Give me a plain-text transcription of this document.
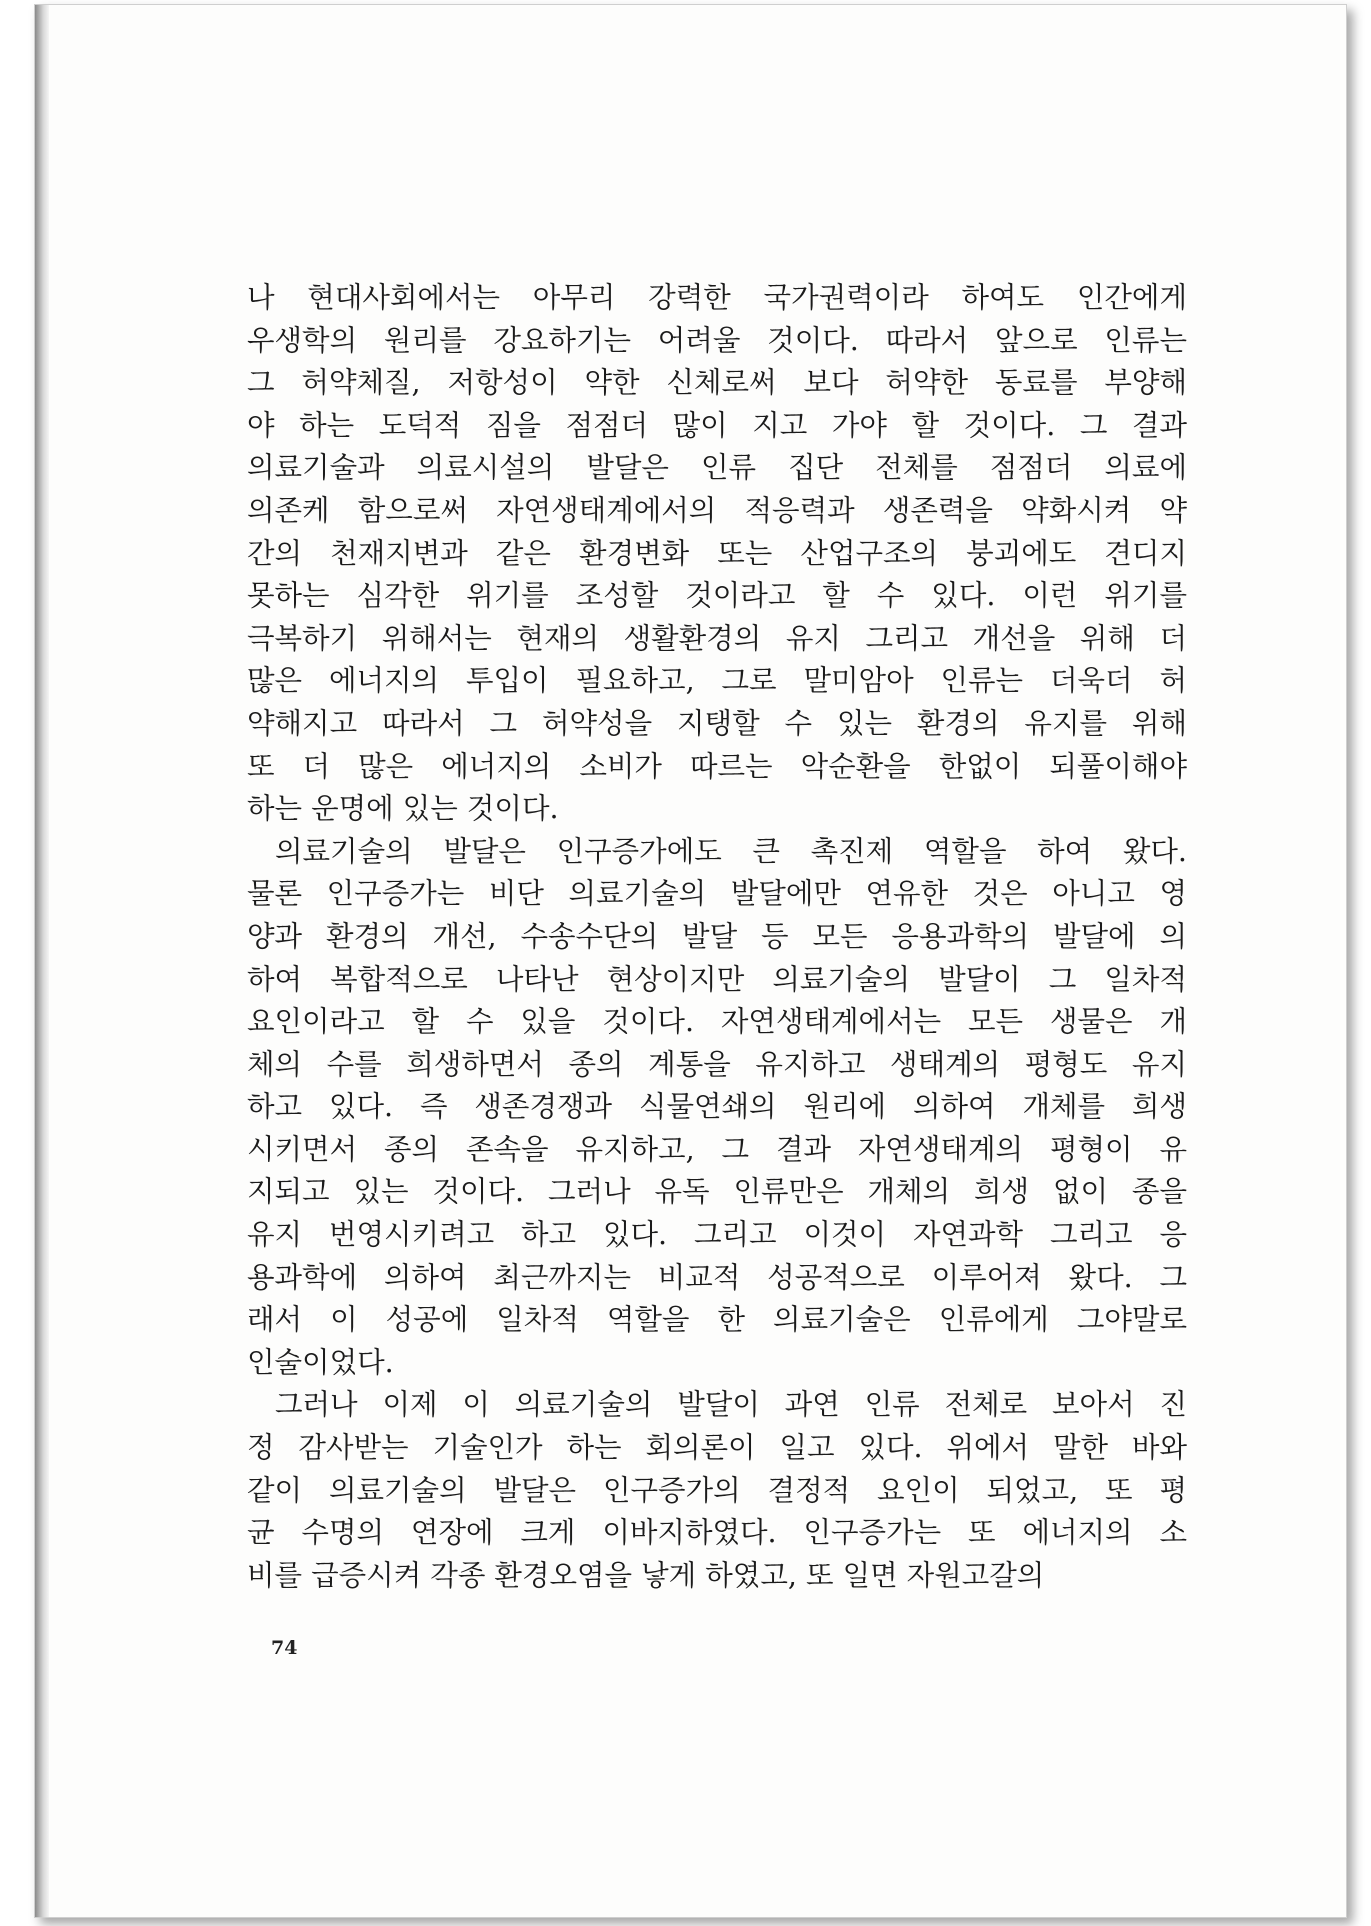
나 현대사회에서는 아무리 강력한 국가권력이라 하여도 인간에게
우생학의 원리를 강요하기는 어려울 것이다. 따라서 앞으로 인류는
그 허약체질, 저항성이 약한 신체로써 보다 허약한 동료를 부양해
야 하는 도덕적 짐을 점점더 많이 지고 가야 할 것이다. 그 결과
의료기술과 의료시설의 발달은 인류 집단 전체를 점점더 의료에
의존케 함으로써 자연생태계에서의 적응력과 생존력을 약화시켜 약
간의 천재지변과 같은 환경변화 또는 산업구조의 붕괴에도 견디지
못하는 심각한 위기를 조성할 것이라고 할 수 있다. 이런 위기를
극복하기 위해서는 현재의 생활환경의 유지 그리고 개선을 위해 더
많은 에너지의 투입이 필요하고, 그로 말미암아 인류는 더욱더 허
약해지고 따라서 그 허약성을 지탱할 수 있는 환경의 유지를 위해
또 더 많은 에너지의 소비가 따르는 악순환을 한없이 되풀이해야
하는 운명에 있는 것이다.
의료기술의 발달은 인구증가에도 큰 촉진제 역할을 하여 왔다.
물론 인구증가는 비단 의료기술의 발달에만 연유한 것은 아니고 영
양과 환경의 개선, 수송수단의 발달 등 모든 응용과학의 발달에 의
하여 복합적으로 나타난 현상이지만 의료기술의 발달이 그 일차적
요인이라고 할 수 있을 것이다. 자연생태계에서는 모든 생물은 개
체의 수를 희생하면서 종의 계통을 유지하고 생태계의 평형도 유지
하고 있다. 즉 생존경쟁과 식물연쇄의 원리에 의하여 개체를 희생
시키면서 종의 존속을 유지하고, 그 결과 자연생태계의 평형이 유
지되고 있는 것이다. 그러나 유독 인류만은 개체의 희생 없이 종을
유지 번영시키려고 하고 있다. 그리고 이것이 자연과학 그리고 응
용과학에 의하여 최근까지는 비교적 성공적으로 이루어져 왔다. 그
래서 이 성공에 일차적 역할을 한 의료기술은 인류에게 그야말로
인술이었다.
그러나 이제 이 의료기술의 발달이 과연 인류 전체로 보아서 진
정 감사받는 기술인가 하는 회의론이 일고 있다. 위에서 말한 바와
같이 의료기술의 발달은 인구증가의 결정적 요인이 되었고, 또 평
균 수명의 연장에 크게 이바지하였다. 인구증가는 또 에너지의 소
비를 급증시켜 각종 환경오염을 낳게 하였고, 또 일면 자원고갈의
74
